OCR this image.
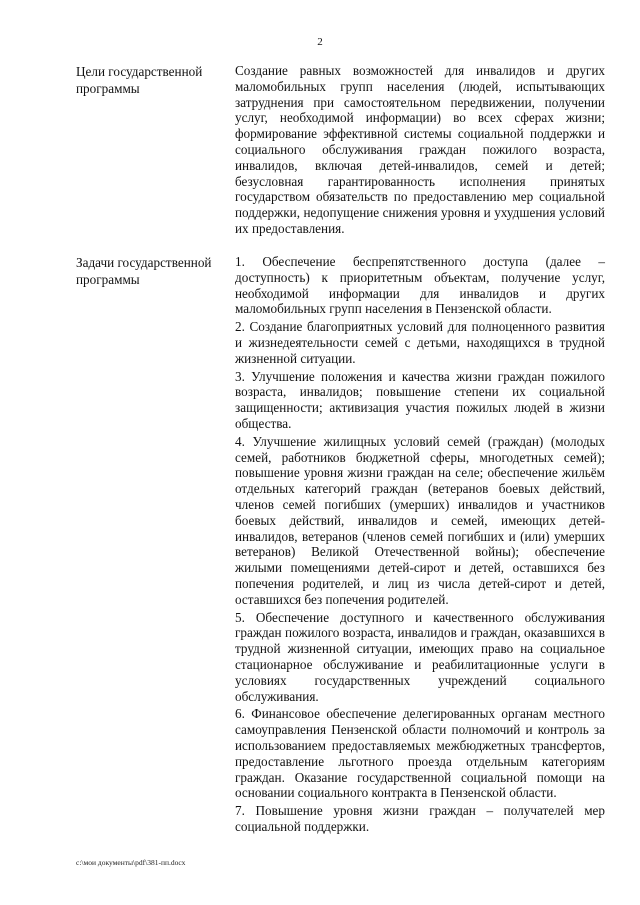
2
Цели государственной программы

Создание равных возможностей для инвалидов и других маломобильных групп населения (людей, испытывающих затруднения при самостоятельном передвижении, получении услуг, необходимой информации) во всех сферах жизни; формирование эффективной системы социальной поддержки и социального обслуживания граждан пожилого возраста, инвалидов, включая детей-инвалидов, семей и детей; безусловная гарантированность исполнения принятых государством обязательств по предоставлению мер социальной поддержки, недопущение снижения уровня и ухудшения условий их предоставления.

Задачи государственной программы

1. Обеспечение беспрепятственного доступа (далее – доступность) к приоритетным объектам, получение услуг, необходимой информации для инвалидов и других маломобильных групп населения в Пензенской области.

2. Создание благоприятных условий для полноценного развития и жизнедеятельности семей с детьми, находящихся в трудной жизненной ситуации.

3. Улучшение положения и качества жизни граждан пожилого возраста, инвалидов; повышение степени их социальной защищенности; активизация участия пожилых людей в жизни общества.

4. Улучшение жилищных условий семей (граждан) (молодых семей, работников бюджетной сферы, многодетных семей); повышение уровня жизни граждан на селе; обеспечение жильём отдельных категорий граждан (ветеранов боевых действий, членов семей погибших (умерших) инвалидов и участников боевых действий, инвалидов и семей, имеющих детей-инвалидов, ветеранов (членов семей погибших и (или) умерших ветеранов) Великой Отечественной войны); обеспечение жилыми помещениями детей-сирот и детей, оставшихся без попечения родителей, и лиц из числа детей-сирот и детей, оставшихся без попечения родителей.

5. Обеспечение доступного и качественного обслуживания граждан пожилого возраста, инвалидов и граждан, оказавшихся в трудной жизненной ситуации, имеющих право на социальное стационарное обслуживание и реабилитационные услуги в условиях государственных учреждений социального обслуживания.

6. Финансовое обеспечение делегированных органам местного самоуправления Пензенской области полномочий и контроль за использованием предоставляемых межбюджетных трансфертов, предоставление льготного проезда отдельным категориям граждан. Оказание государственной социальной помощи на основании социального контракта в Пензенской области.

7. Повышение уровня жизни граждан – получателей мер социальной поддержки.

c:\мои документы\pdf\381-пп.docx
